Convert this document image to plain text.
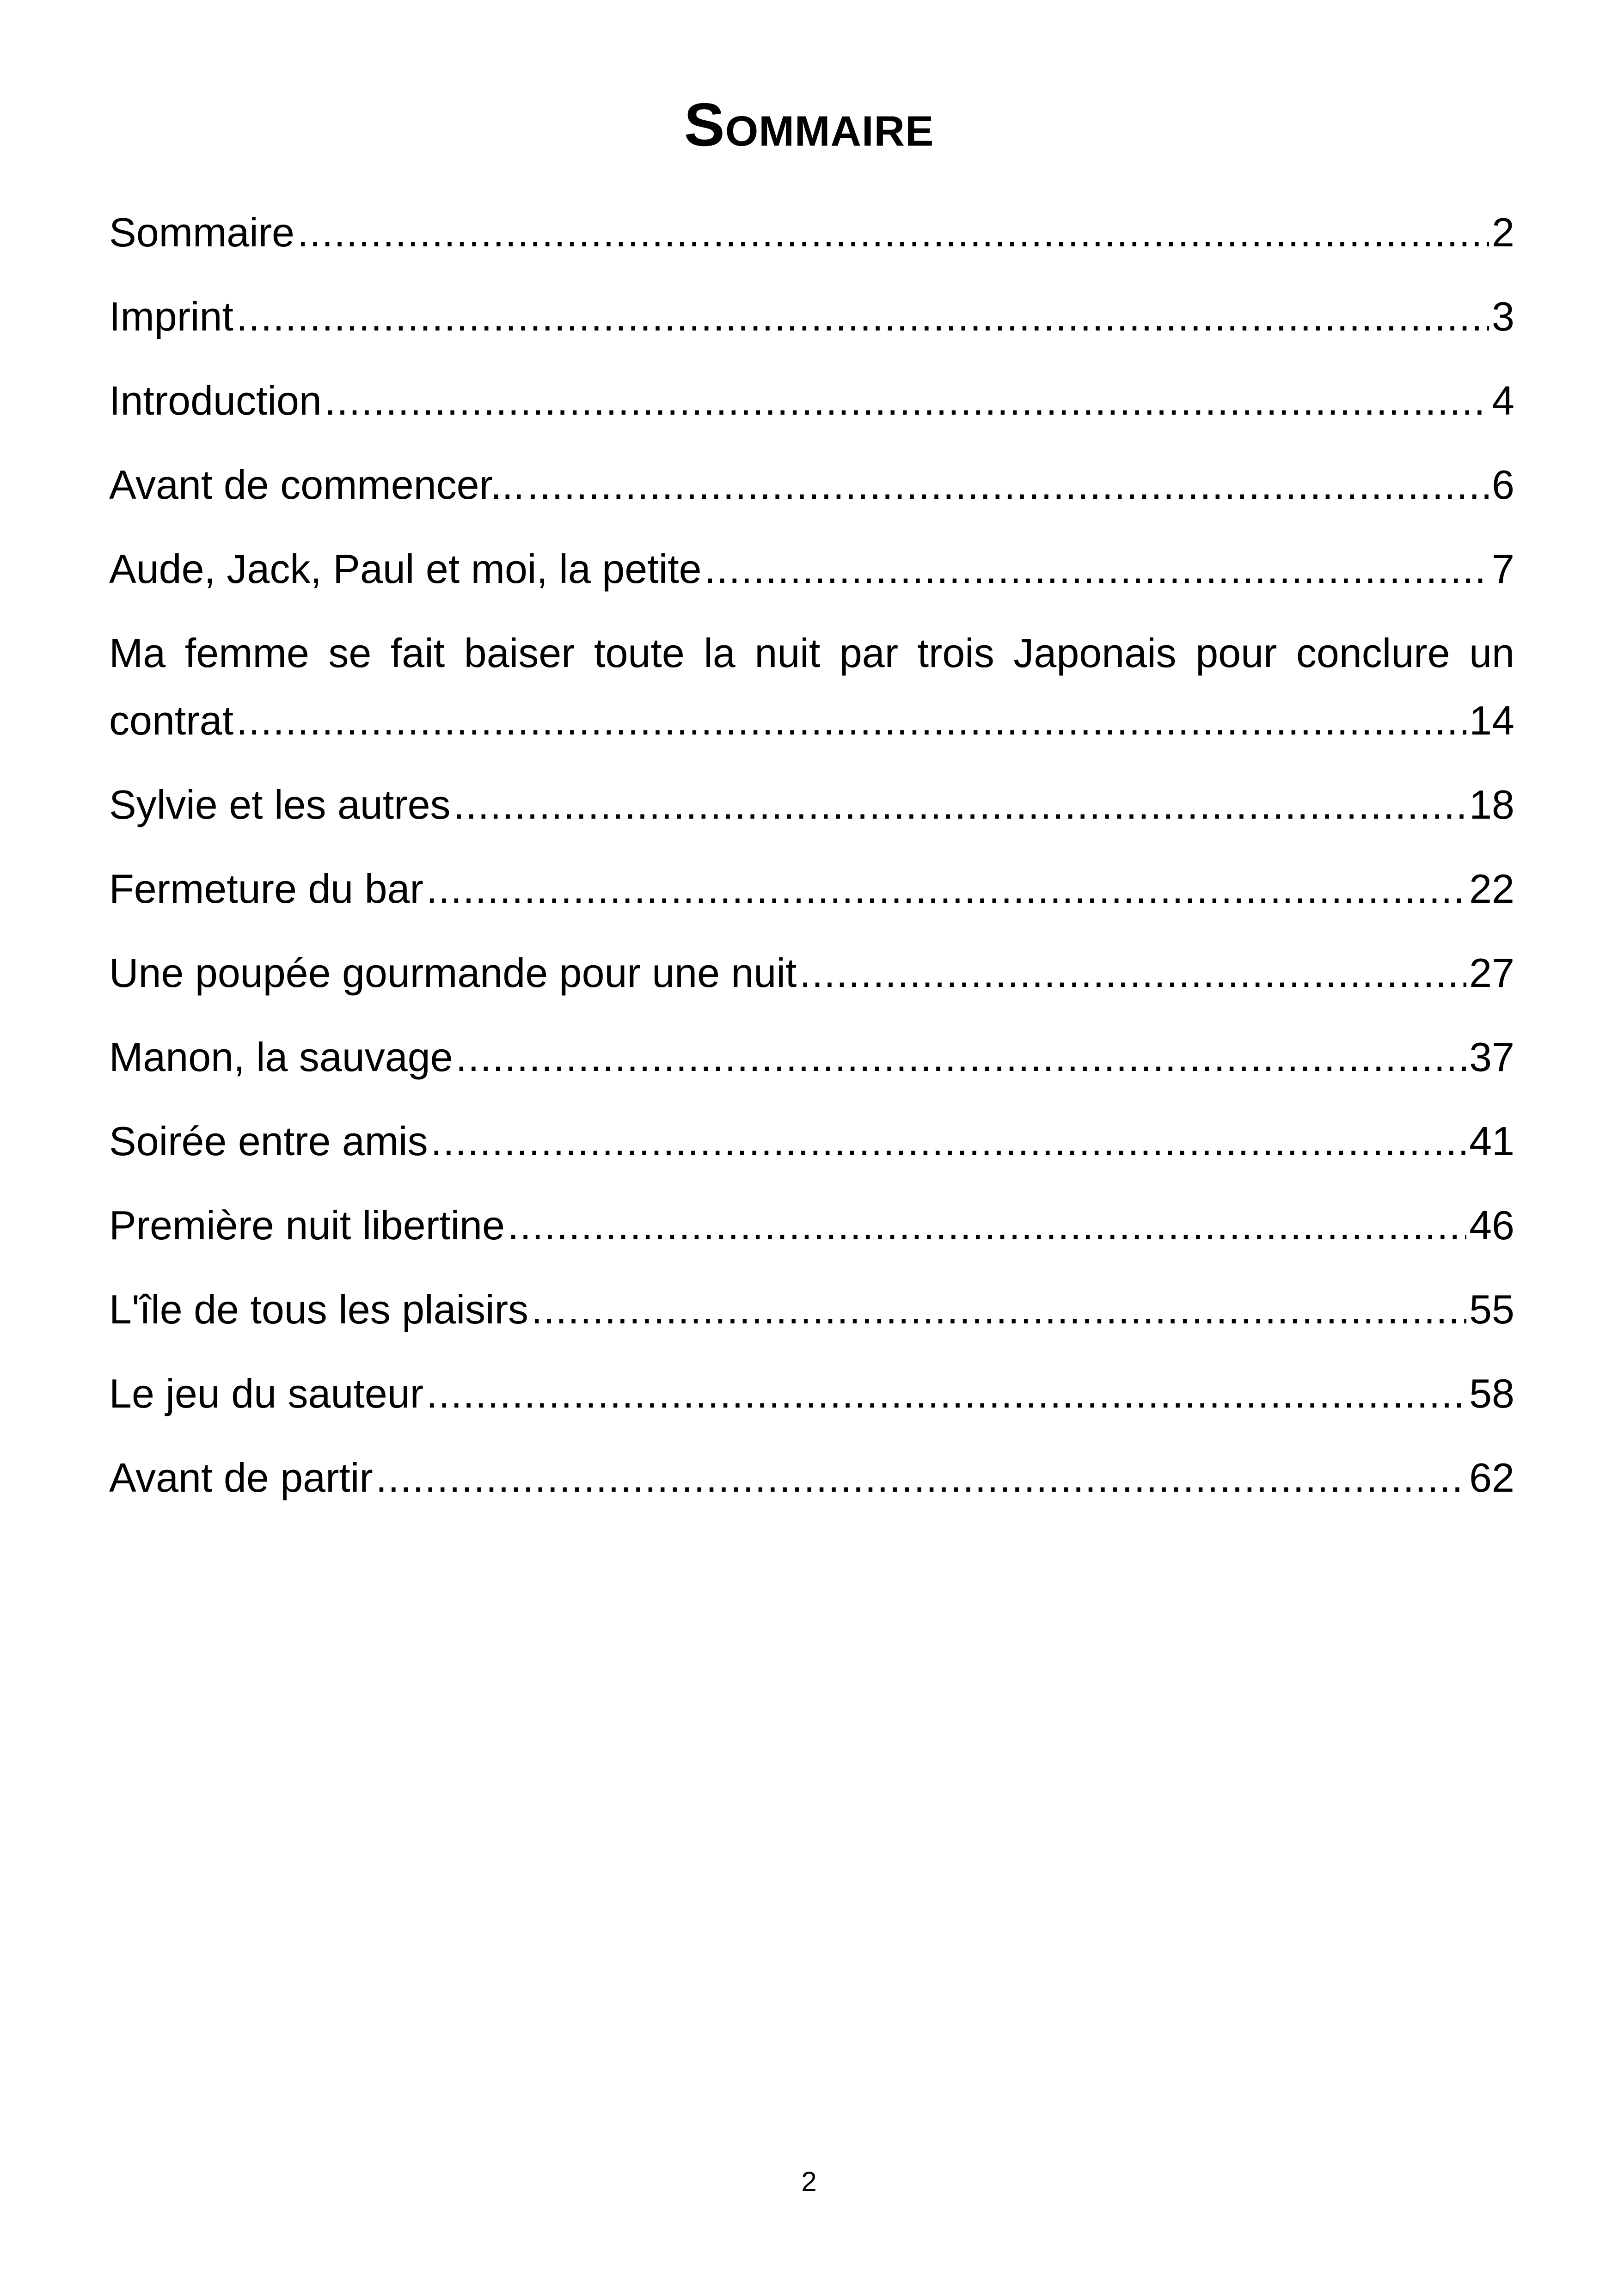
Sommaire
Sommaire .....	2
Imprint .....	3
Introduction .....	4
Avant de commencer... .....	6
Aude, Jack, Paul et moi, la petite .....	7
Ma femme se fait baiser toute la nuit par trois Japonais pour conclure un
contrat .....	14
Sylvie et les autres .....	18
Fermeture du bar .....	22
Une poupée gourmande pour une nuit .....	27
Manon, la sauvage .....	37
Soirée entre amis .....	41
Première nuit libertine .....	46
L'île de tous les plaisirs .....	55
Le jeu du sauteur .....	58
Avant de partir .....	62
2
